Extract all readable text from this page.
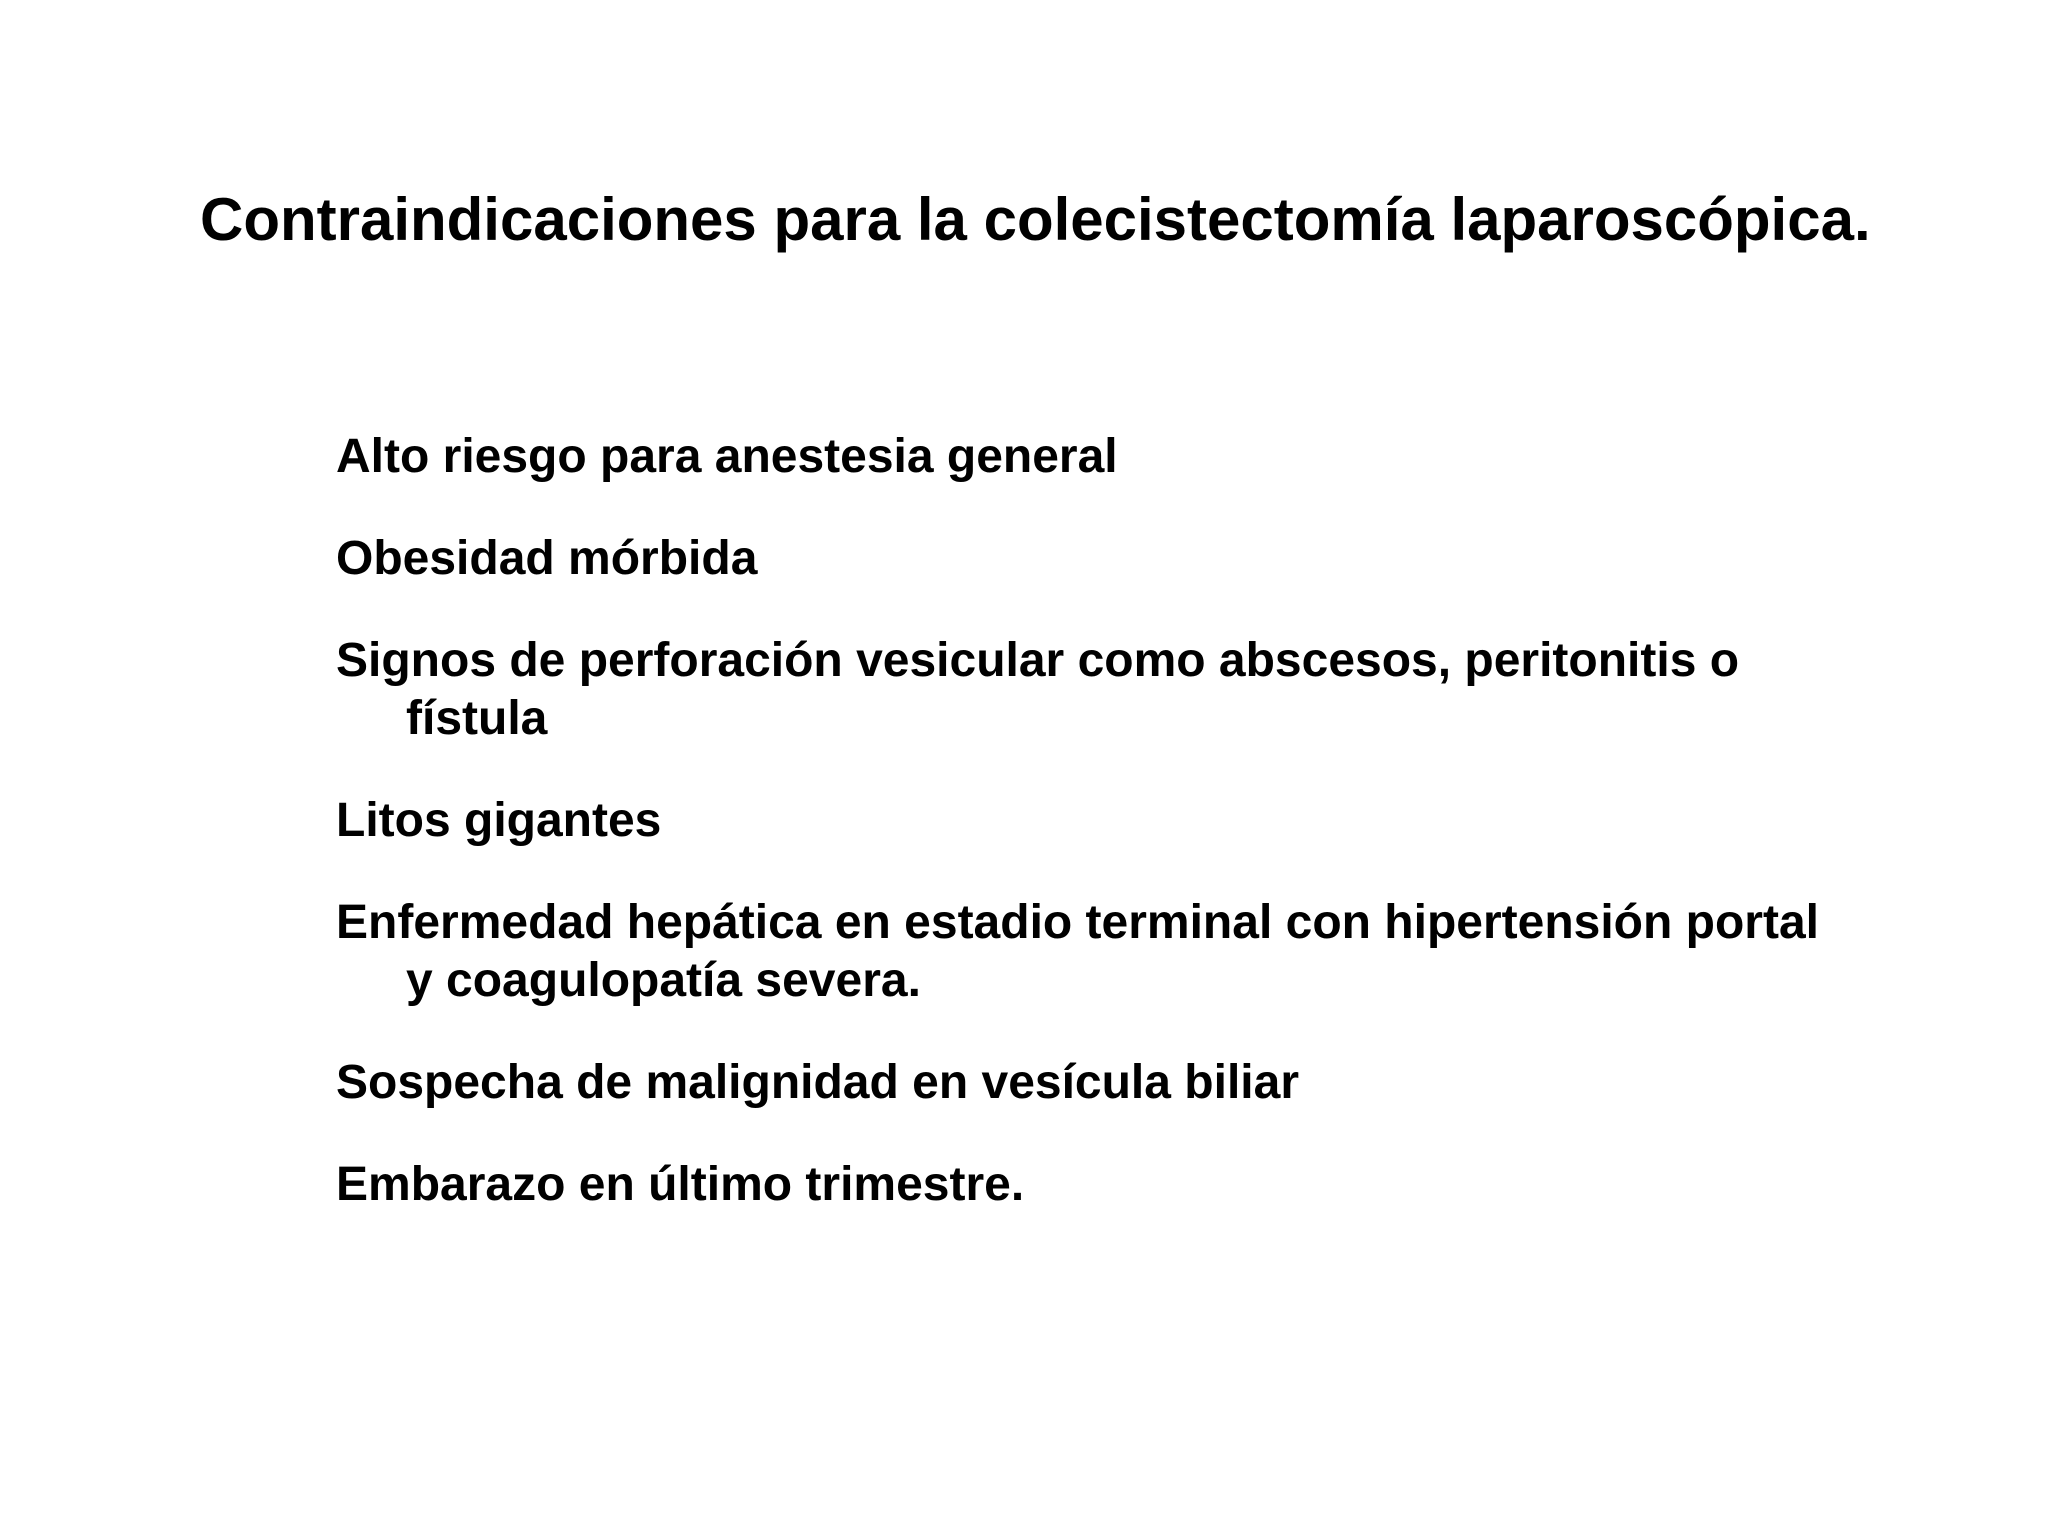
Contraindicaciones para la colecistectomía laparoscópica.
Alto riesgo para anestesia general
Obesidad mórbida
Signos de perforación vesicular como abscesos, peritonitis o fístula
Litos gigantes
Enfermedad hepática en estadio terminal con hipertensión portal y coagulopatía severa.
Sospecha de malignidad en vesícula biliar
Embarazo en último trimestre.
